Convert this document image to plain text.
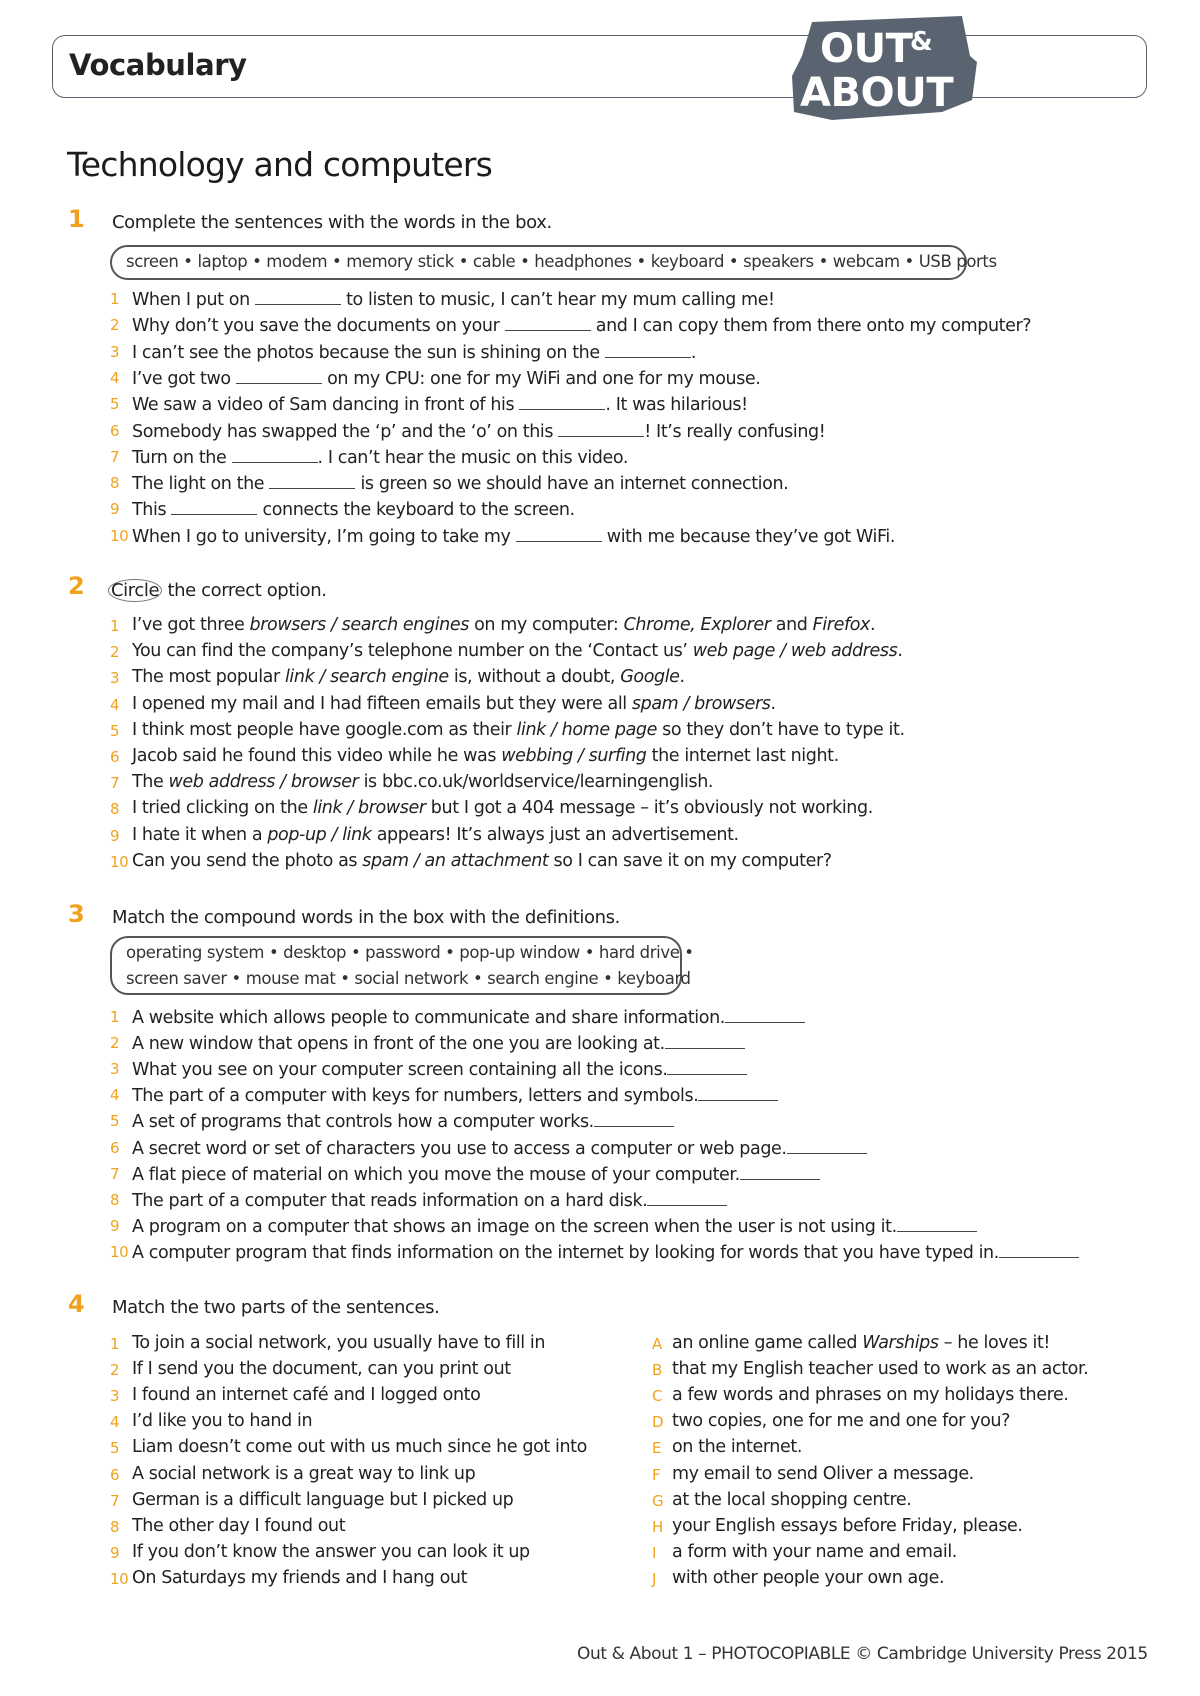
Vocabulary	OUT
&
ABOUT
Technology and computers
1 Complete the sentences with the words in the box.
screen • laptop • modem • memory stick • cable • headphones • keyboard • speakers • webcam • USB ports
1 When I put on	to listen to music, I can’t hear my mum calling me!
2 Why don’t you save the documents on your	and I can copy them from there onto my computer?
3 I can’t see the photos because the sun is shining on the	.
4 I’ve got two	on my CPU: one for my WiFi and one for my mouse.
5 We saw a video of Sam dancing in front of his	. It was hilarious!
6 Somebody has swapped the ‘p’ and the ‘o’ on this	! It’s really confusing!
7 Turn on the	. I can’t hear the music on this video.
8 The light on the	is green so we should have an internet connection.
9 This	connects the keyboard to the screen.
10 When I go to university, I’m going to take my	with me because they’ve got WiFi.
2 Circle the correct option.
1 I’ve got three browsers / search engines on my computer: Chrome, Explorer and Firefox.
2 You can find the company’s telephone number on the ‘Contact us’ web page / web address.
3 The most popular link / search engine is, without a doubt, Google.
4 I opened my mail and I had fifteen emails but they were all spam / browsers.
5 I think most people have google.com as their link / home page so they don’t have to type it.
6 Jacob said he found this video while he was webbing / surfing the internet last night.
7 The web address / browser is bbc.co.uk/worldservice/learningenglish.
8 I tried clicking on the link / browser but I got a 404 message – it’s obviously not working.
9 I hate it when a pop-up / link appears! It’s always just an advertisement.
10 Can you send the photo as spam / an attachment so I can save it on my computer?
3 Match the compound words in the box with the definitions.
operating system • desktop • password • pop-up window • hard drive •
screen saver • mouse mat • social network • search engine • keyboard
1 A website which allows people to communicate and share information.
2 A new window that opens in front of the one you are looking at.
3 What you see on your computer screen containing all the icons.
4 The part of a computer with keys for numbers, letters and symbols.
5 A set of programs that controls how a computer works.
6 A secret word or set of characters you use to access a computer or web page.
7 A flat piece of material on which you move the mouse of your computer.
8 The part of a computer that reads information on a hard disk.
9 A program on a computer that shows an image on the screen when the user is not using it.
10 A computer program that finds information on the internet by looking for words that you have typed in.
4 Match the two parts of the sentences.
1 To join a social network, you usually have to fill in
2 If I send you the document, can you print out
3 I found an internet café and I logged onto
4 I’d like you to hand in
5 Liam doesn’t come out with us much since he got into
6 A social network is a great way to link up
7 German is a difficult language but I picked up
8 The other day I found out
9 If you don’t know the answer you can look it up
10 On Saturdays my friends and I hang out
A an online game called Warships – he loves it!
B that my English teacher used to work as an actor.
C a few words and phrases on my holidays there.
D two copies, one for me and one for you?
E on the internet.
F my email to send Oliver a message.
G at the local shopping centre.
H your English essays before Friday, please.
I a form with your name and email.
J with other people your own age.
Out & About 1 – PHOTOCOPIABLE © Cambridge University Press 2015
